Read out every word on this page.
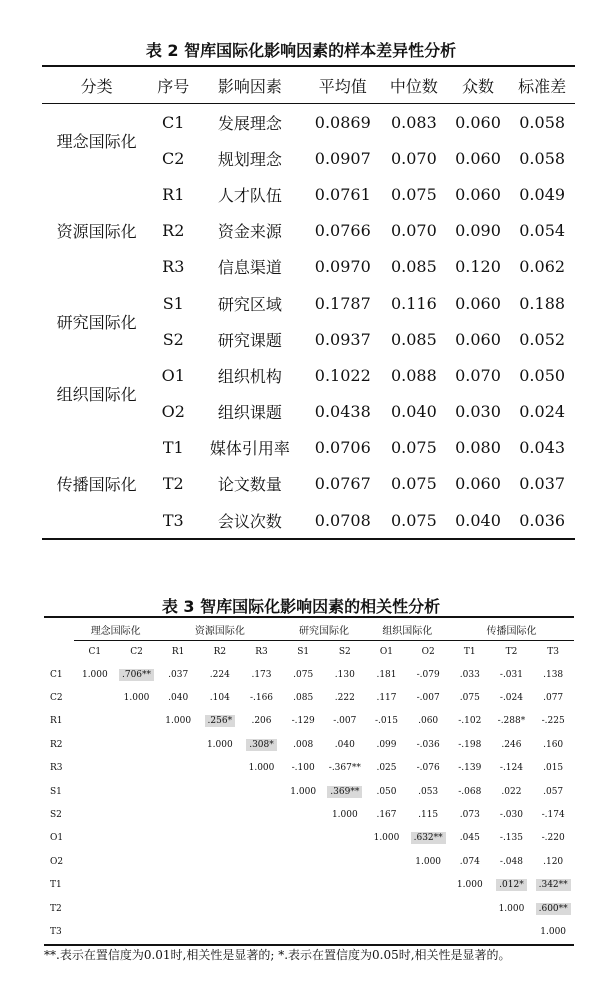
表 2 智库国际化影响因素的样本差异性分析
分类	序号	影响因素	平均值	中位数	众数	标准差
理念国际化	C1	发展理念	0.0869	0.083	0.060	0.058
	C2	规划理念	0.0907	0.070	0.060	0.058
资源国际化	R1	人才队伍	0.0761	0.075	0.060	0.049
	R2	资金来源	0.0766	0.070	0.090	0.054
	R3	信息渠道	0.0970	0.085	0.120	0.062
研究国际化	S1	研究区域	0.1787	0.116	0.060	0.188
	S2	研究课题	0.0937	0.085	0.060	0.052
组织国际化	O1	组织机构	0.1022	0.088	0.070	0.050
	O2	组织课题	0.0438	0.040	0.030	0.024
传播国际化	T1	媒体引用率	0.0706	0.075	0.080	0.043
	T2	论文数量	0.0767	0.075	0.060	0.037
	T3	会议次数	0.0708	0.075	0.040	0.036
表 3 智库国际化影响因素的相关性分析
	理念国际化		资源国际化			研究国际化		组织国际化		传播国际化		
	C1	C2	R1	R2	R3	S1	S2	O1	O2	T1	T2	T3
C1	1.000	.706**	.037	.224	.173	.075	.130	.181	-.079	.033	-.031	.138
C2		1.000	.040	.104	-.166	.085	.222	.117	-.007	.075	-.024	.077
R1			1.000	.256*	.206	-.129	-.007	-.015	.060	-.102	-.288*	-.225
R2				1.000	.308*	.008	.040	.099	-.036	-.198	.246	.160
R3					1.000	-.100	-.367**	.025	-.076	-.139	-.124	.015
S1						1.000	.369**	.050	.053	-.068	.022	.057
S2							1.000	.167	.115	.073	-.030	-.174
O1								1.000	.632**	.045	-.135	-.220
O2									1.000	.074	-.048	.120
T1										1.000	.012*	.342**
T2											1.000	.600**
T3												1.000
**.表示在置信度为0.01时,相关性是显著的; *.表示在置信度为0.05时,相关性是显著的。
